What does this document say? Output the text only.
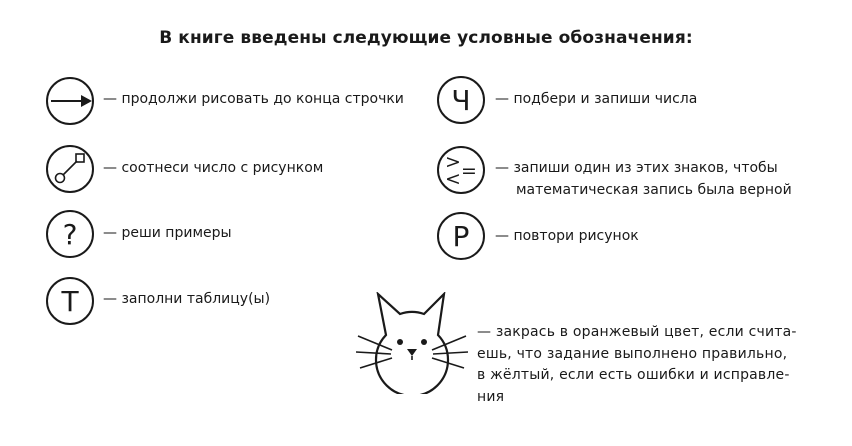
В книге введены следующие условные обозначения:
— продолжи рисовать до конца строчки
— соотнеси число с рисунком
? — реши примеры
Т — заполни таблицу(ы)
Ч — подбери и запиши числа
>
< = — запиши один из этих знаков, чтобы
математическая запись была верной
Р — повтори рисунок
— закрась в оранжевый цвет, если счита-
ешь, что задание выполнено правильно,
в жёлтый, если есть ошибки и исправле-
ния
